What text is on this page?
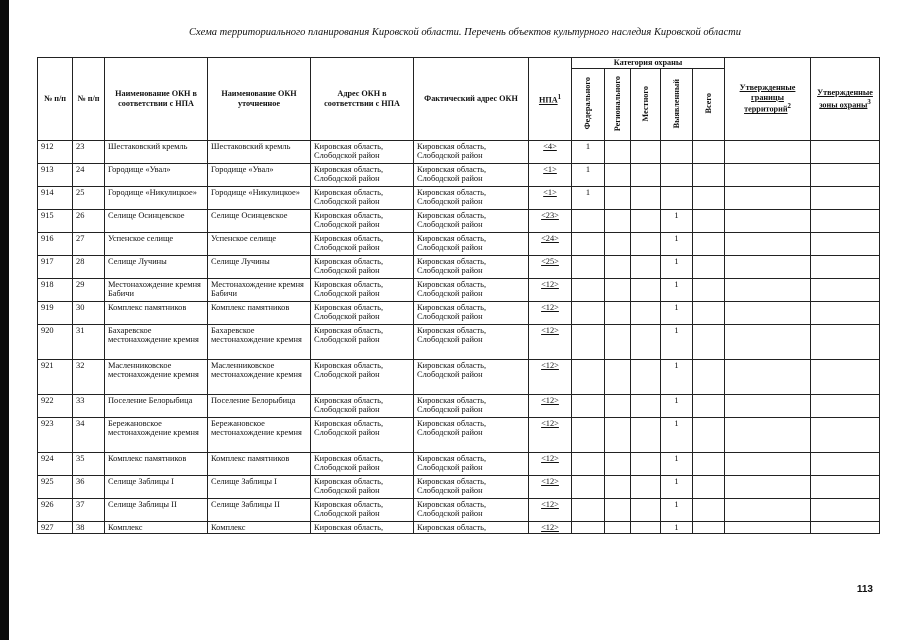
Схема территориального планирования Кировской области. Перечень объектов культурного наследия Кировской области
№ п/п	№ п/п	Наименование ОКН в соответствии с НПА	Наименование ОКН уточненное	Адрес ОКН в соответствии с НПА	Фактический адрес ОКН	НПА$^1$	Категория охраны					Утвержденные границы территорий$^2$	Утвержденные зоны охраны$^3$
							Федерального	Регионального	Местного	Выявленный	Всего		
912	23	Шестаковский кремль	Шестаковский кремль	Кировская область, Слободской район	Кировская область, Слободской район	<4>	1						
913	24	Городище «Увал»	Городище «Увал»	Кировская область, Слободской район	Кировская область, Слободской район	<1>	1						
914	25	Городище «Никулицкое»	Городище «Никулицкое»	Кировская область, Слободской район	Кировская область, Слободской район	<1>	1						
915	26	Селище Осинцевское	Селище Осинцевское	Кировская область, Слободской район	Кировская область, Слободской район	<23>				1			
916	27	Успенское селище	Успенское селище	Кировская область, Слободской район	Кировская область, Слободской район	<24>				1			
917	28	Селище Лучины	Селище Лучины	Кировская область, Слободской район	Кировская область, Слободской район	<25>				1			
918	29	Местонахождение кремня Бабичи	Местонахождение кремня Бабичи	Кировская область, Слободской район	Кировская область, Слободской район	<12>				1			
919	30	Комплекс памятников	Комплекс памятников	Кировская область, Слободской район	Кировская область, Слободской район	<12>				1			
920	31	Бахаревское местонахождение кремня	Бахаревское местонахождение кремня	Кировская область, Слободской район	Кировская область, Слободской район	<12>				1			
921	32	Масленниковское местонахождение кремня	Масленниковское местонахождение кремня	Кировская область, Слободской район	Кировская область, Слободской район	<12>				1			
922	33	Поселение Белорыбица	Поселение Белорыбица	Кировская область, Слободской район	Кировская область, Слободской район	<12>				1			
923	34	Бережановское местонахождение кремня	Бережановское местонахождение кремня	Кировская область, Слободской район	Кировская область, Слободской район	<12>				1			
924	35	Комплекс памятников	Комплекс памятников	Кировская область, Слободской район	Кировская область, Слободской район	<12>				1			
925	36	Селище Заблицы I	Селище Заблицы I	Кировская область, Слободской район	Кировская область, Слободской район	<12>				1			
926	37	Селище Заблицы II	Селище Заблицы II	Кировская область, Слободской район	Кировская область, Слободской район	<12>				1			
927	38	Комплекс	Комплекс	Кировская область,	Кировская область,	<12>				1			
113
